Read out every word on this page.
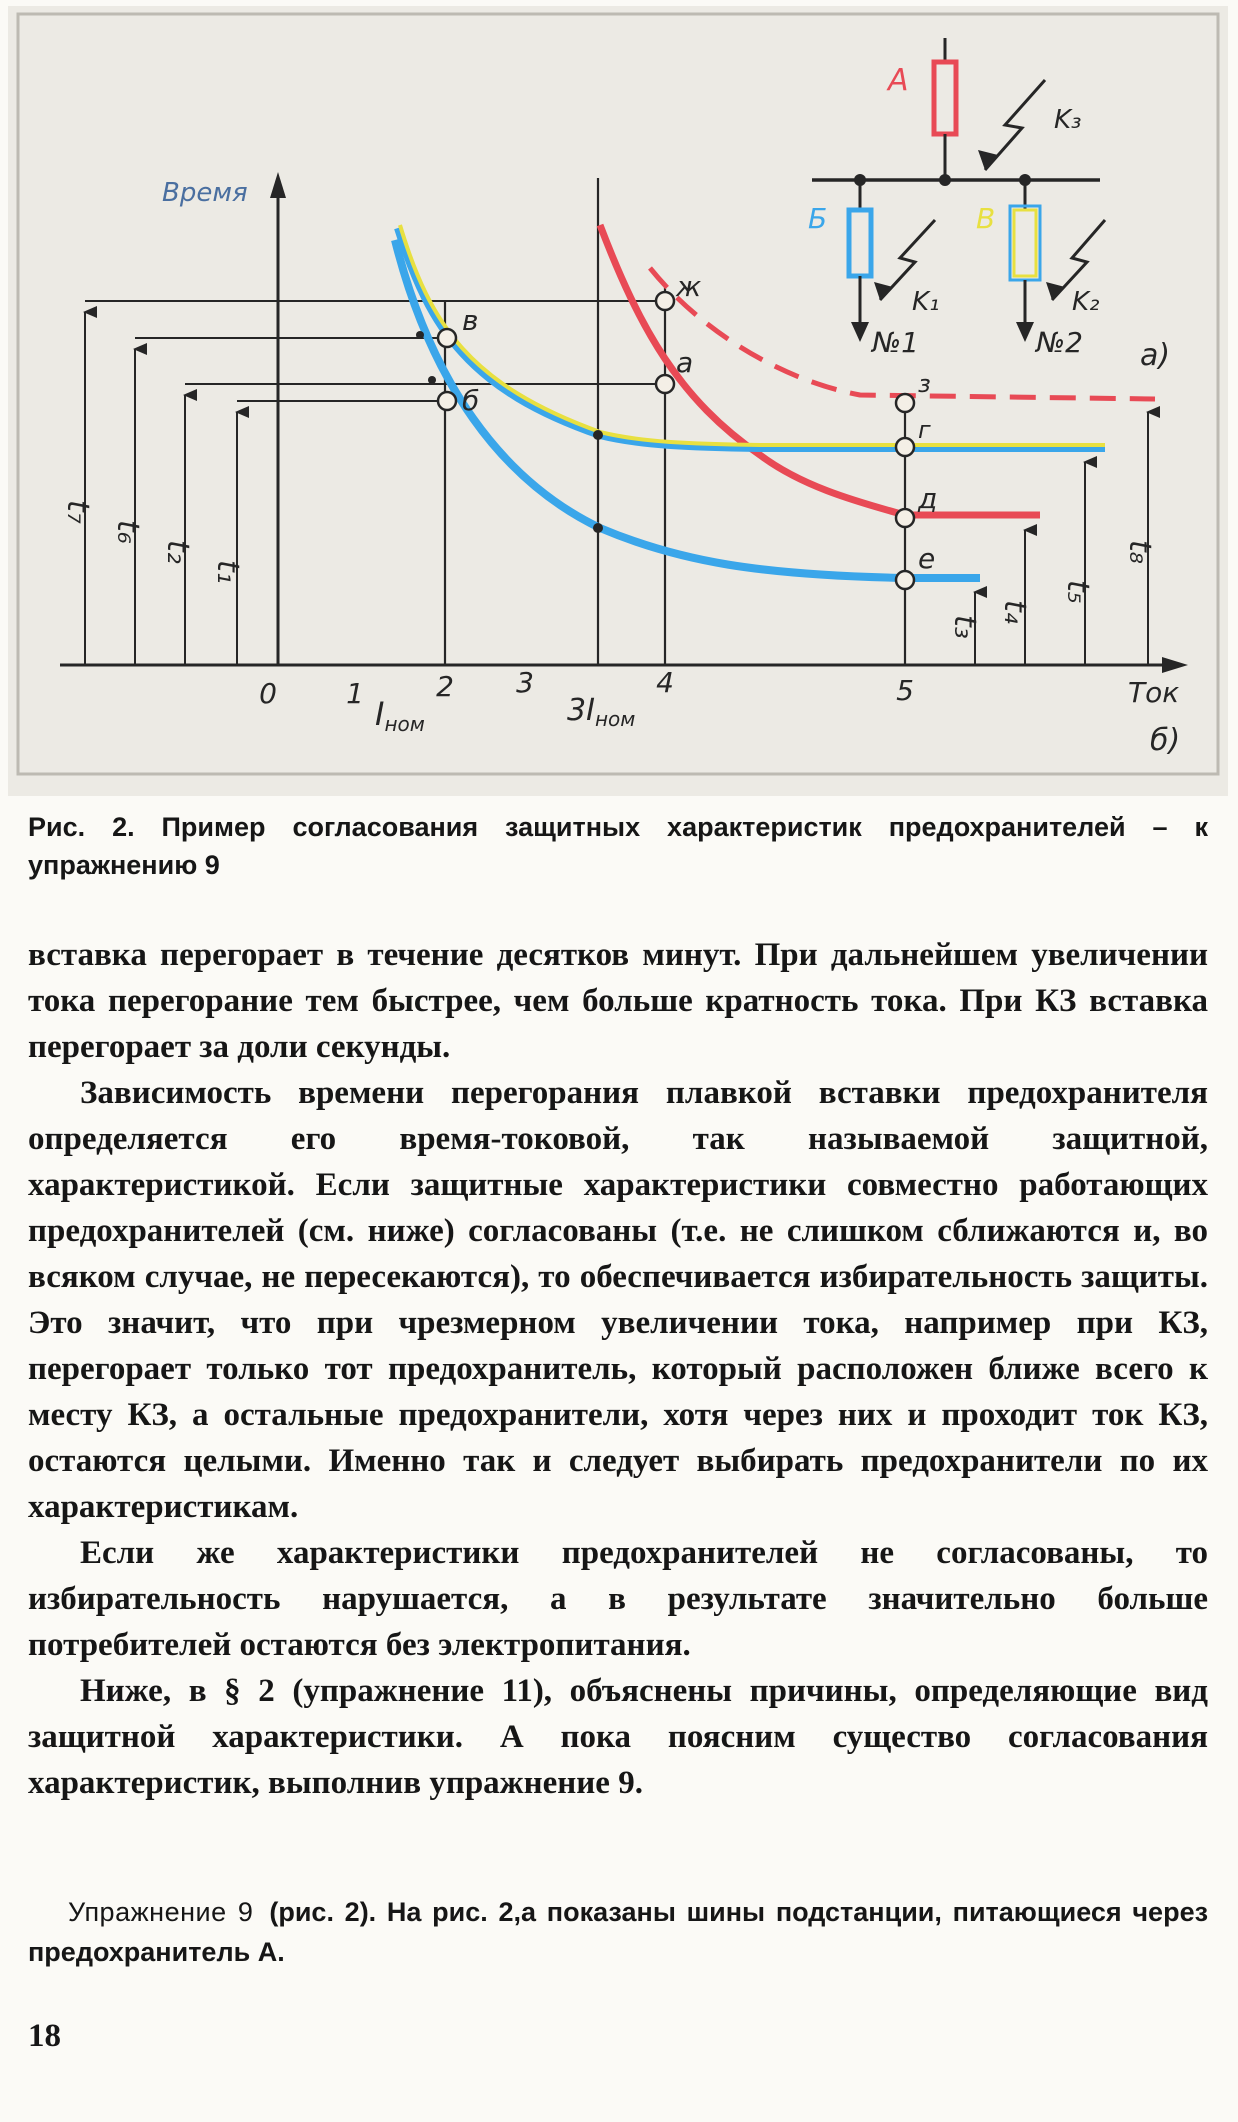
ж
в
а
б	з
г
д
е
Время
0 1	2 3	4	5	Ток
Iном	$3I_{ном}$
t₇
t₆
t₂
t₁
t₃
t₄
t₅
t₈
а)
б)
А
Б	В
K₃
K₁	K₂
№1	№2
Рис. 2. Пример согласования защитных характеристик предохранителей – к упражнению 9

вставка перегорает в течение десятков минут. При дальнейшем увеличении тока перегорание тем быстрее, чем больше кратность тока. При КЗ вставка перегорает за доли секунды.

Зависимость времени перегорания плавкой вставки предохранителя определяется его время-токовой, так называемой защитной, характеристикой. Если защитные характеристики совместно работающих предохранителей (см. ниже) согласованы (т.е. не слишком сближаются и, во всяком случае, не пересекаются), то обеспечивается избирательность защиты. Это значит, что при чрезмерном увеличении тока, например при КЗ, перегорает только тот предохранитель, который расположен ближе всего к месту КЗ, а остальные предохранители, хотя через них и проходит ток КЗ, остаются целыми. Именно так и следует выбирать предохранители по их характеристикам.

Если же характеристики предохранителей не согласованы, то избирательность нарушается, а в результате значительно больше потребителей остаются без электропитания.

Ниже, в § 2 (упражнение 11), объяснены причины, определяющие вид защитной характеристики. А пока поясним существо согласования характеристик, выполнив упражнение 9.

Упражнение 9 (рис. 2). На рис. 2,а показаны шины подстанции, питающиеся через предохранитель А.
18
